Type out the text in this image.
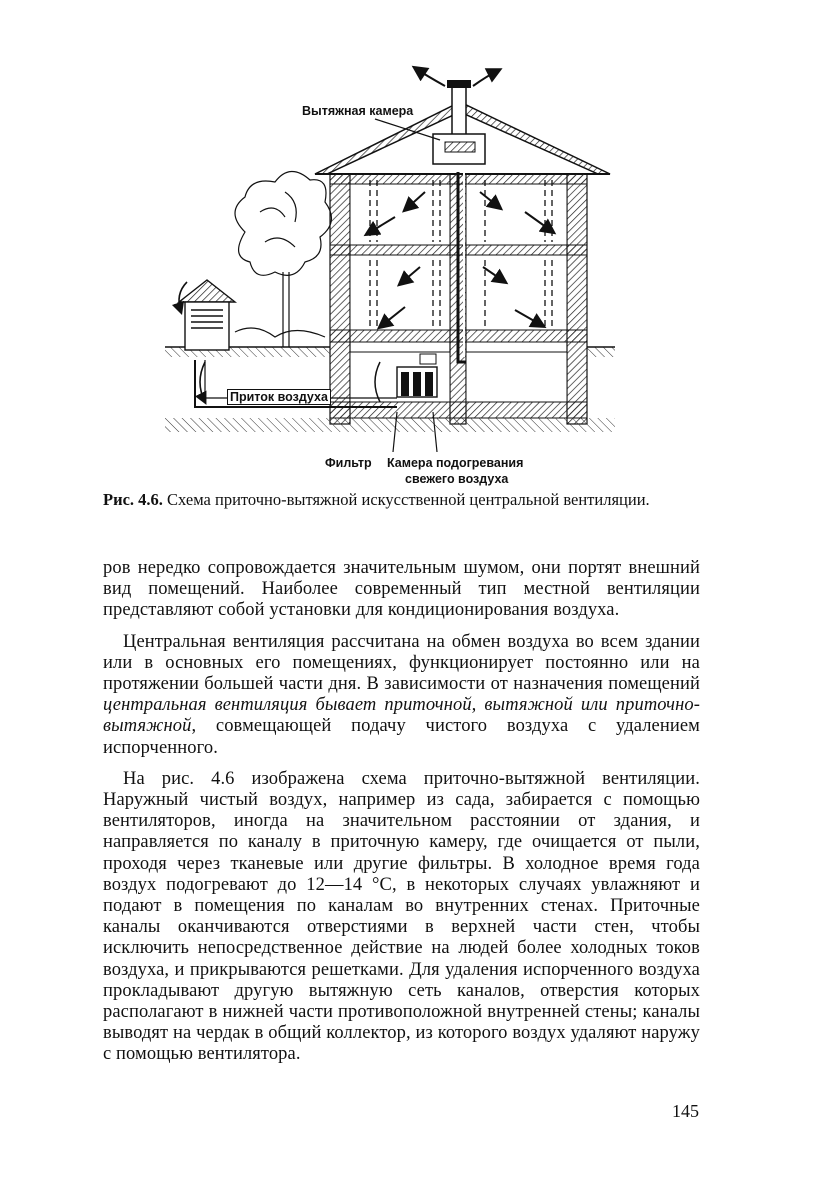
Вытяжная камера
Приток воздуха
Фильтр Камера подогревания
свежего воздуха
Рис. 4.6. Схема приточно-вытяжной искусственной центральной вентиляции.

ров нередко сопровождается значительным шумом, они портят внешний вид помещений. Наиболее современный тип местной вентиляции представляют собой установки для кондиционирования воздуха.

Центральная вентиляция рассчитана на обмен воздуха во всем здании или в основных его помещениях, функционирует постоянно или на протяжении большей части дня. В зависимости от назначения помещений центральная вентиляция бывает приточной, вытяжной или приточно-вытяжной, совмещающей подачу чистого воздуха с удалением испорченного.

На рис. 4.6 изображена схема приточно-вытяжной вентиляции. Наружный чистый воздух, например из сада, забирается с помощью вентиляторов, иногда на значительном расстоянии от здания, и направляется по каналу в приточную камеру, где очищается от пыли, проходя через тканевые или другие фильтры. В холодное время года воздух подогревают до 12—14 °С, в некоторых случаях увлажняют и подают в помещения по каналам во внутренних стенах. Приточные каналы оканчиваются отверстиями в верхней части стен, чтобы исключить непосредственное действие на людей более холодных токов воздуха, и прикрываются решетками. Для удаления испорченного воздуха прокладывают другую вытяжную сеть каналов, отверстия которых располагают в нижней части противоположной внутренней стены; каналы выводят на чердак в общий коллектор, из которого воздух удаляют наружу с помощью вентилятора.

145
